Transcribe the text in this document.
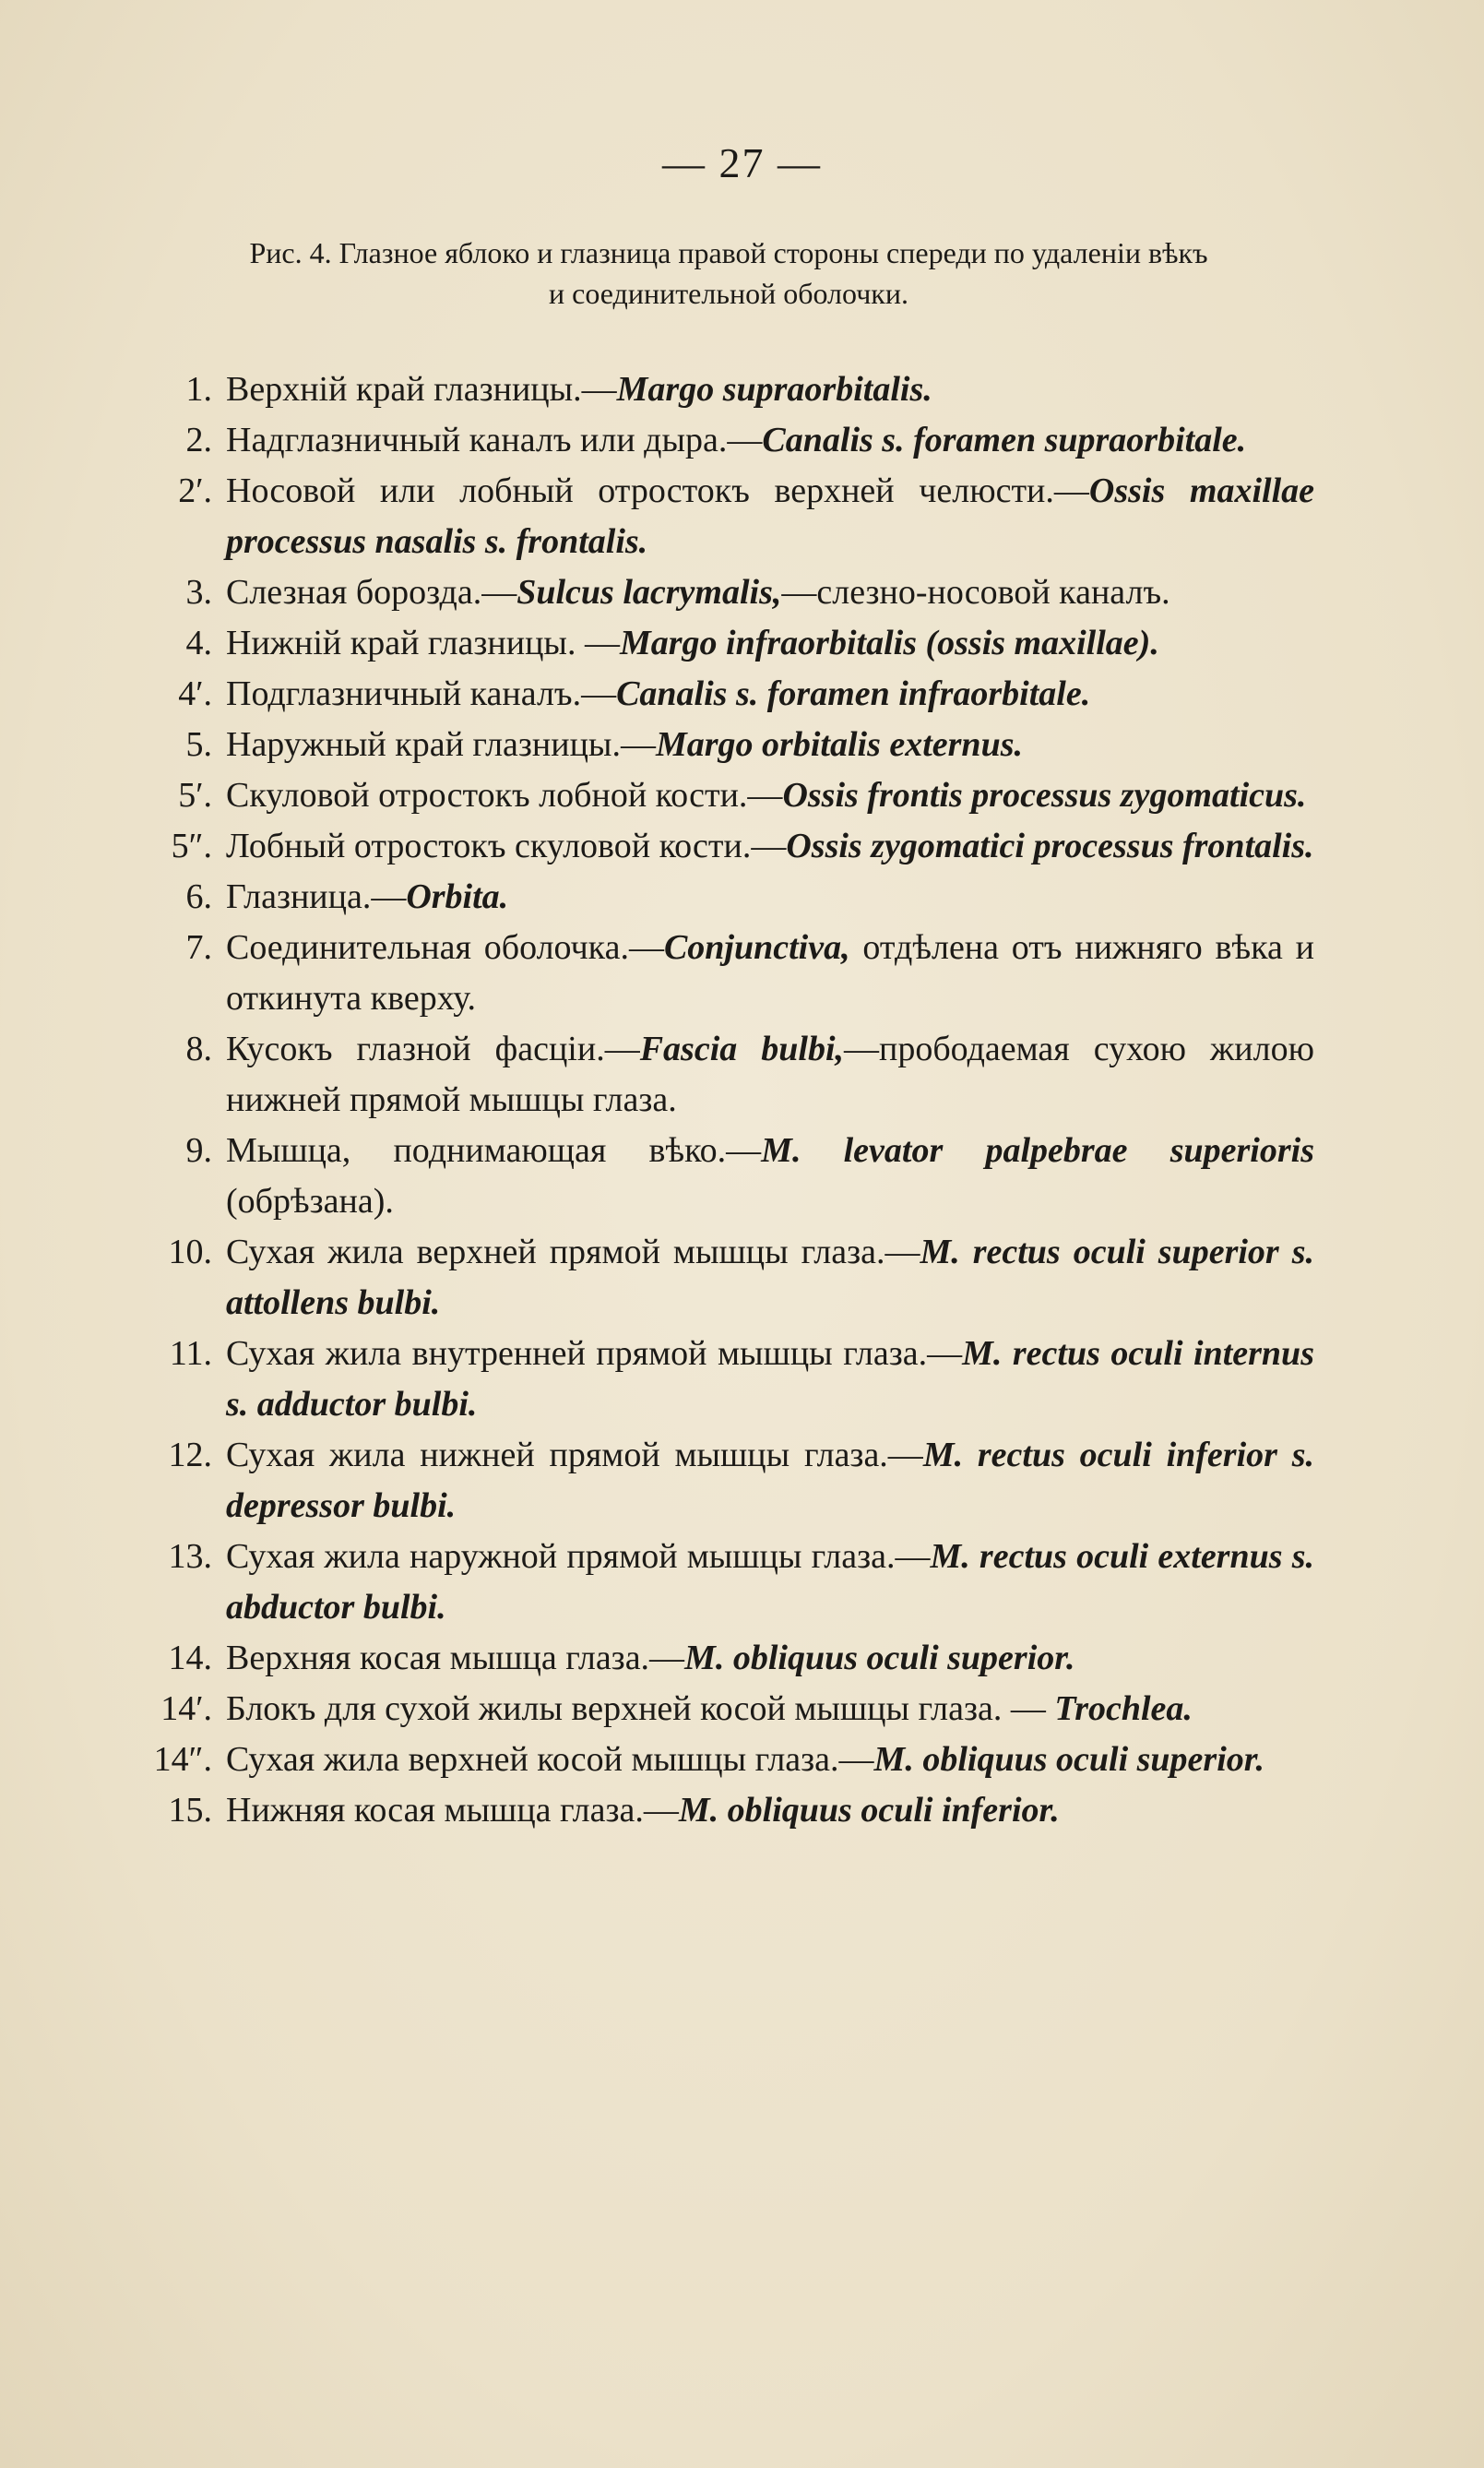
— 27 —
Рис. 4. Глазное яблоко и глазница правой стороны спереди по удаленіи вѣкъ
и соединительной оболочки.
1. Верхній край глазницы.—Margo supraorbitalis.
2. Надглазничный каналъ или дыра.—Canalis s. foramen supraorbitale.
2′. Носовой или лобный отростокъ верхней челюсти.—Ossis maxillae processus nasalis s. frontalis.
3. Слезная борозда.—Sulcus lacrymalis,—слезно-носовой каналъ.
4. Нижній край глазницы. —Margo infraorbitalis (ossis maxillae).
4′. Подглазничный каналъ.—Canalis s. foramen infraorbitale.
5. Наружный край глазницы.—Margo orbitalis externus.
5′. Скуловой отростокъ лобной кости.—Ossis frontis processus zygomaticus.
5″. Лобный отростокъ скуловой кости.—Ossis zygomatici processus frontalis.
6. Глазница.—Orbita.
7. Соединительная оболочка.—Conjunctiva, отдѣлена отъ нижняго вѣка и откинута кверху.
8. Кусокъ глазной фасціи.—Fascia bulbi,—прободаемая сухою жилою нижней прямой мышцы глаза.
9. Мышца, поднимающая вѣко.—M. levator palpebrae superioris (обрѣзана).
10. Сухая жила верхней прямой мышцы глаза.—M. rectus oculi superior s. attollens bulbi.
11. Сухая жила внутренней прямой мышцы глаза.—M. rectus oculi internus s. adductor bulbi.
12. Сухая жила нижней прямой мышцы глаза.—M. rectus oculi inferior s. depressor bulbi.
13. Сухая жила наружной прямой мышцы глаза.—M. rectus oculi externus s. abductor bulbi.
14. Верхняя косая мышца глаза.—M. obliquus oculi superior.
14′. Блокъ для сухой жилы верхней косой мышцы глаза. — Trochlea.
14″. Сухая жила верхней косой мышцы глаза.—M. obliquus oculi superior.
15. Нижняя косая мышца глаза.—M. obliquus oculi inferior.
